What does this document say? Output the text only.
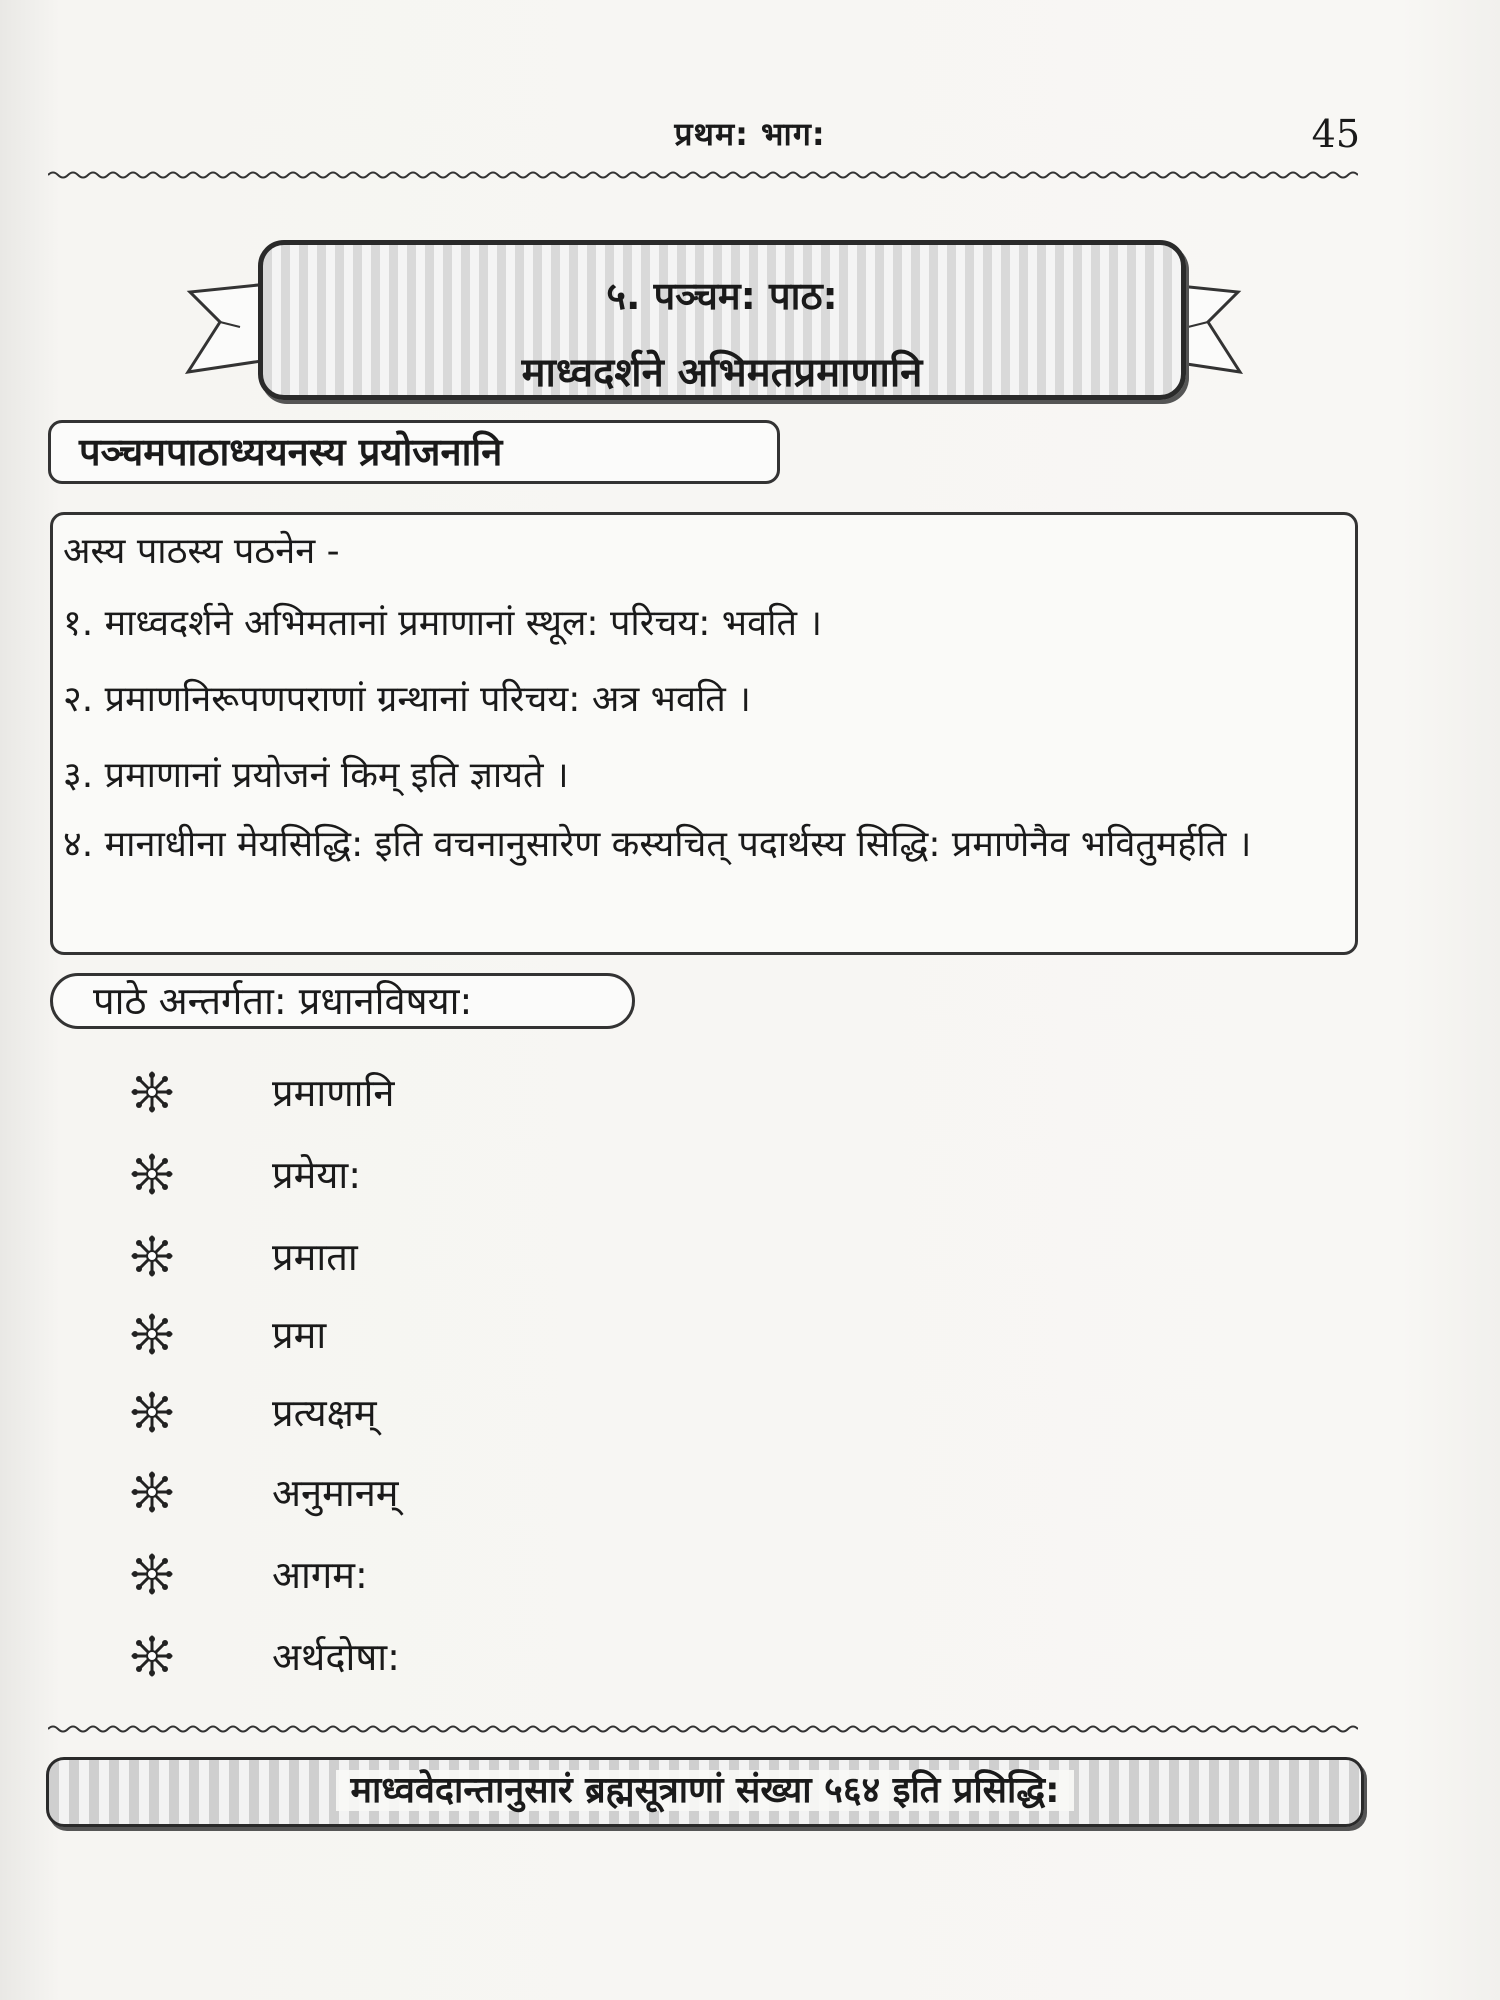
प्रथम: भाग:	45
५. पञ्चम: पाठ:
माध्वदर्शने अभिमतप्रमाणानि
पञ्चमपाठाध्ययनस्य प्रयोजनानि
अस्य पाठस्य पठनेन -
१. माध्वदर्शने अभिमतानां प्रमाणानां स्थूल: परिचय: भवति ।
२. प्रमाणनिरूपणपराणां ग्रन्थानां परिचय: अत्र भवति ।
३. प्रमाणानां प्रयोजनं किम् इति ज्ञायते ।
४. मानाधीना मेयसिद्धि: इति वचनानुसारेण कस्यचित् पदार्थस्य सिद्धि: प्रमाणेनैव भवितुमर्हति ।
पाठे अन्तर्गता: प्रधानविषया:
प्रमाणानि
प्रमेया:
प्रमाता
प्रमा
प्रत्यक्षम्
अनुमानम्
आगम:
अर्थदोषा:
माध्ववेदान्तानुसारं ब्रह्मसूत्राणां संख्या ५६४ इति प्रसिद्धि:
